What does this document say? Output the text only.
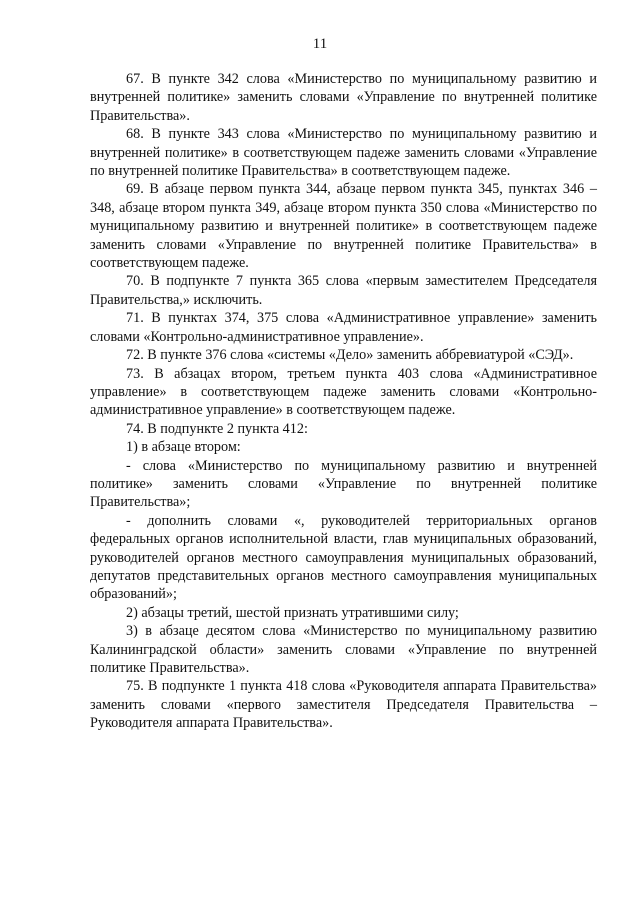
11

67. В пункте 342 слова «Министерство по муниципальному развитию и внутренней политике» заменить словами «Управление по внутренней политике Правительства».

68. В пункте 343 слова «Министерство по муниципальному развитию и внутренней политике» в соответствующем падеже заменить словами «Управление по внутренней политике Правительства» в соответствующем падеже.

69. В абзаце первом пункта 344, абзаце первом пункта 345, пунктах 346 – 348, абзаце втором пункта 349, абзаце втором пункта 350 слова «Министерство по муниципальному развитию и внутренней политике» в соответствующем падеже заменить словами «Управление по внутренней политике Правительства» в соответствующем падеже.

70. В подпункте 7 пункта 365 слова «первым заместителем Председателя Правительства,» исключить.

71. В пунктах 374, 375 слова «Административное управление» заменить словами «Контрольно-административное управление».

72. В пункте 376 слова «системы «Дело» заменить аббревиатурой «СЭД».

73. В абзацах втором, третьем пункта 403 слова «Административное управление» в соответствующем падеже заменить словами «Контрольно-административное управление» в соответствующем падеже.

74. В подпункте 2 пункта 412:

1) в абзаце втором:

- слова «Министерство по муниципальному развитию и внутренней политике» заменить словами «Управление по внутренней политике Правительства»;

- дополнить словами «, руководителей территориальных органов федеральных органов исполнительной власти, глав муниципальных образований, руководителей органов местного самоуправления муниципальных образований, депутатов представительных органов местного самоуправления муниципальных образований»;

2) абзацы третий, шестой признать утратившими силу;

3) в абзаце десятом слова «Министерство по муниципальному развитию Калининградской области» заменить словами «Управление по внутренней политике Правительства».

75. В подпункте 1 пункта 418 слова «Руководителя аппарата Правительства» заменить словами «первого заместителя Председателя Правительства – Руководителя аппарата Правительства».
